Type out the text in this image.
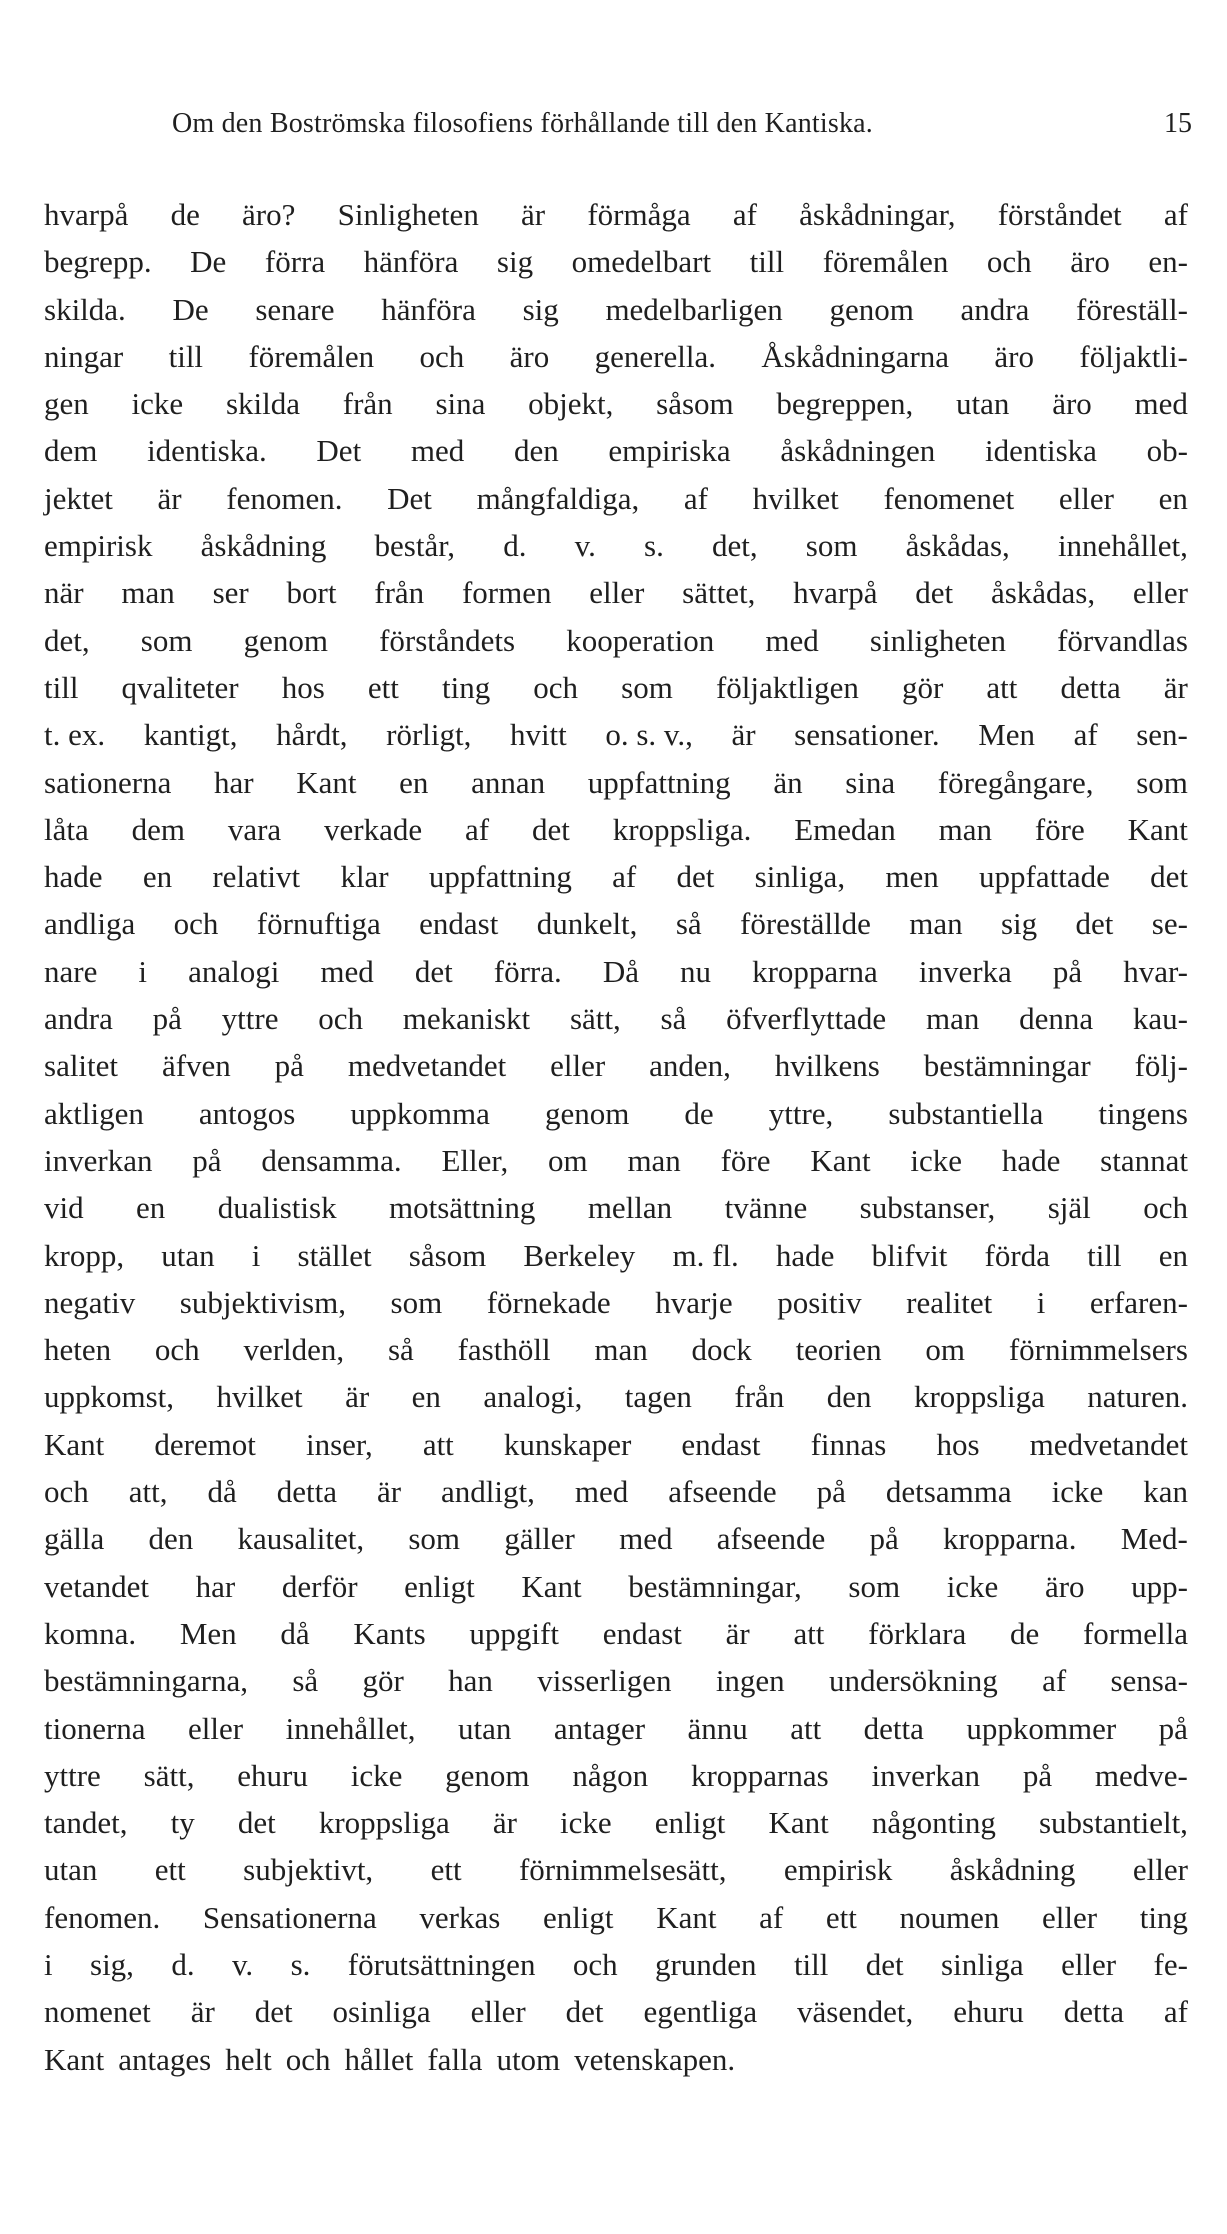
Om den Boströmska filosofiens förhållande till den Kantiska.	15
hvarpå de äro? Sinligheten är förmåga af åskådningar, förståndet af
begrepp. De förra hänföra sig omedelbart till föremålen och äro en-
skilda. De senare hänföra sig medelbarligen genom andra föreställ-
ningar till föremålen och äro generella. Åskådningarna äro följaktli-
gen icke skilda från sina objekt, såsom begreppen, utan äro med
dem identiska. Det med den empiriska åskådningen identiska ob-
jektet är fenomen. Det mångfaldiga, af hvilket fenomenet eller en
empirisk åskådning består, d. v. s. det, som åskådas, innehållet,
när man ser bort från formen eller sättet, hvarpå det åskådas, eller
det, som genom förståndets kooperation med sinligheten förvandlas
till qvaliteter hos ett ting och som följaktligen gör att detta är
t. ex. kantigt, hårdt, rörligt, hvitt o. s. v., är sensationer. Men af sen-
sationerna har Kant en annan uppfattning än sina föregångare, som
låta dem vara verkade af det kroppsliga. Emedan man före Kant
hade en relativt klar uppfattning af det sinliga, men uppfattade det
andliga och förnuftiga endast dunkelt, så föreställde man sig det se-
nare i analogi med det förra. Då nu kropparna inverka på hvar-
andra på yttre och mekaniskt sätt, så öfverflyttade man denna kau-
salitet äfven på medvetandet eller anden, hvilkens bestämningar följ-
aktligen antogos uppkomma genom de yttre, substantiella tingens
inverkan på densamma. Eller, om man före Kant icke hade stannat
vid en dualistisk motsättning mellan tvänne substanser, själ och
kropp, utan i stället såsom Berkeley m. fl. hade blifvit förda till en
negativ subjektivism, som förnekade hvarje positiv realitet i erfaren-
heten och verlden, så fasthöll man dock teorien om förnimmelsers
uppkomst, hvilket är en analogi, tagen från den kroppsliga naturen.
Kant deremot inser, att kunskaper endast finnas hos medvetandet
och att, då detta är andligt, med afseende på detsamma icke kan
gälla den kausalitet, som gäller med afseende på kropparna. Med-
vetandet har derför enligt Kant bestämningar, som icke äro upp-
komna. Men då Kants uppgift endast är att förklara de formella
bestämningarna, så gör han visserligen ingen undersökning af sensa-
tionerna eller innehållet, utan antager ännu att detta uppkommer på
yttre sätt, ehuru icke genom någon kropparnas inverkan på medve-
tandet, ty det kroppsliga är icke enligt Kant någonting substantielt,
utan ett subjektivt, ett förnimmelsesätt, empirisk åskådning eller
fenomen. Sensationerna verkas enligt Kant af ett noumen eller ting
i sig, d. v. s. förutsättningen och grunden till det sinliga eller fe-
nomenet är det osinliga eller det egentliga väsendet, ehuru detta af
Kant antages helt och hållet falla utom vetenskapen.
